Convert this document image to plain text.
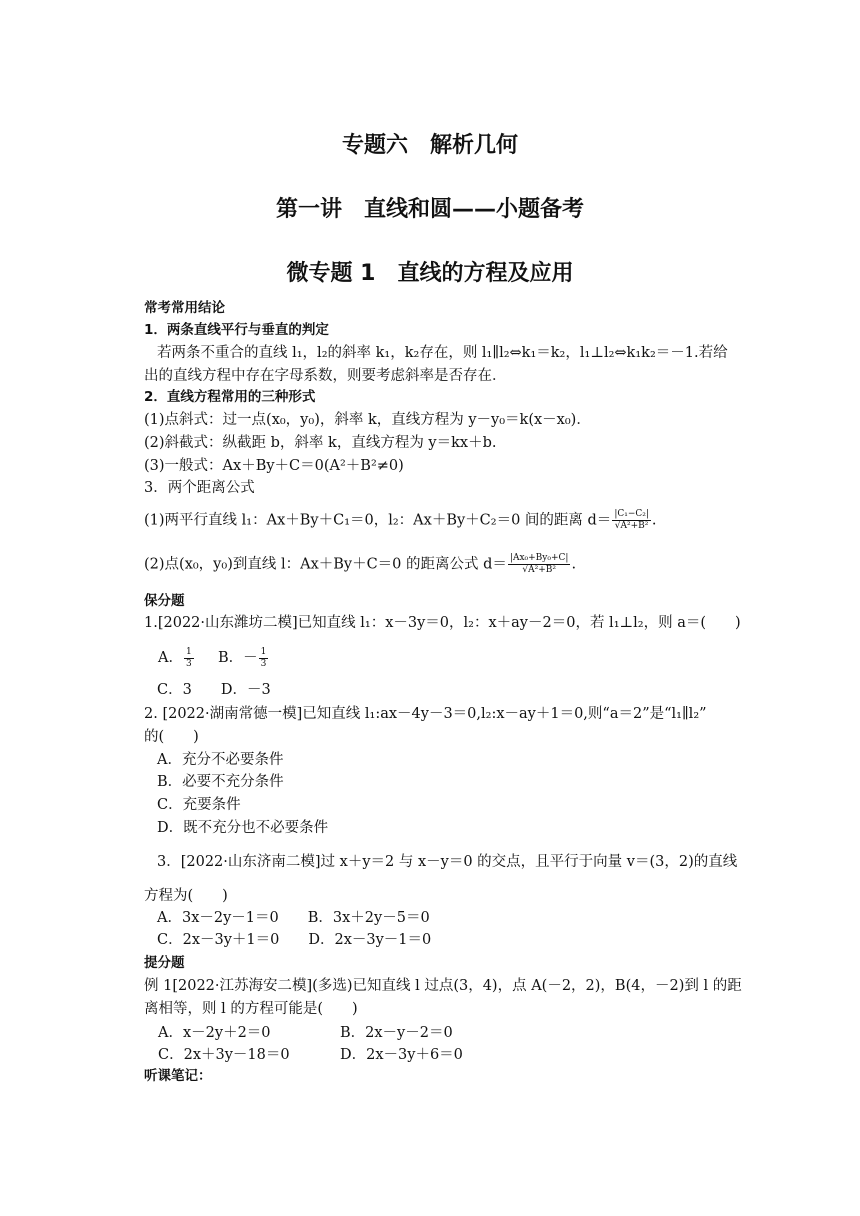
专题六　解析几何
第一讲　直线和圆——小题备考
微专题 1　直线的方程及应用
常考常用结论
1．两条直线平行与垂直的判定
若两条不重合的直线 l₁，l₂的斜率 k₁，k₂存在，则 l₁∥l₂⇔k₁＝k₂，l₁⊥l₂⇔k₁k₂＝－1.若给
出的直线方程中存在字母系数，则要考虑斜率是否存在．
2．直线方程常用的三种形式
(1)点斜式：过一点(x₀，y₀)，斜率 k，直线方程为 y－y₀＝k(x－x₀)．
(2)斜截式：纵截距 b，斜率 k，直线方程为 y＝kx＋b.
(3)一般式：Ax＋By＋C＝0(A²＋B²≠0)
3．两个距离公式
(1)两平行直线 l₁：Ax＋By＋C₁＝0，l₂：Ax＋By＋C₂＝0 间的距离 $d= \frac{\text{|C₁−C₂|}}{\text{√A²+B²}}$ .
(2)点(x₀，y₀)到直线 l：Ax＋By＋C＝0 的距离公式 $d= \frac{\text{|Ax₀+By₀+C|}}{\text{√A²+B²}}$ .
保分题
1.[2022·山东潍坊二模]已知直线 l₁：x－3y＝0，l₂：x＋ay－2＝0，若 l₁⊥l₂，则 a＝(　　)
A． $\frac{1}{3}$ B．－ $\frac{1}{3}$
C．3　　D．－3
2. [2022·湖南常德一模]已知直线 l₁:ax－4y－3＝0,l₂:x－ay＋1＝0,则“a＝2”是“l₁∥l₂”
的(　　)
A．充分不必要条件
B．必要不充分条件
C．充要条件
D．既不充分也不必要条件
3．[2022·山东济南二模]过 x＋y＝2 与 x－y＝0 的交点，且平行于向量 v＝(3，2)的直线
方程为(　　)
A．3x－2y－1＝0　　B．3x＋2y－5＝0
C．2x－3y＋1＝0　　D．2x－3y－1＝0
提分题
例 1[2022·江苏海安二模](多选)已知直线 l 过点(3，4)，点 A(－2，2)，B(4，－2)到 l 的距
离相等，则 l 的方程可能是(　　)
A．x－2y＋2＝0	B．2x－y－2＝0
C．2x＋3y－18＝0	D．2x－3y＋6＝0
听课笔记：
